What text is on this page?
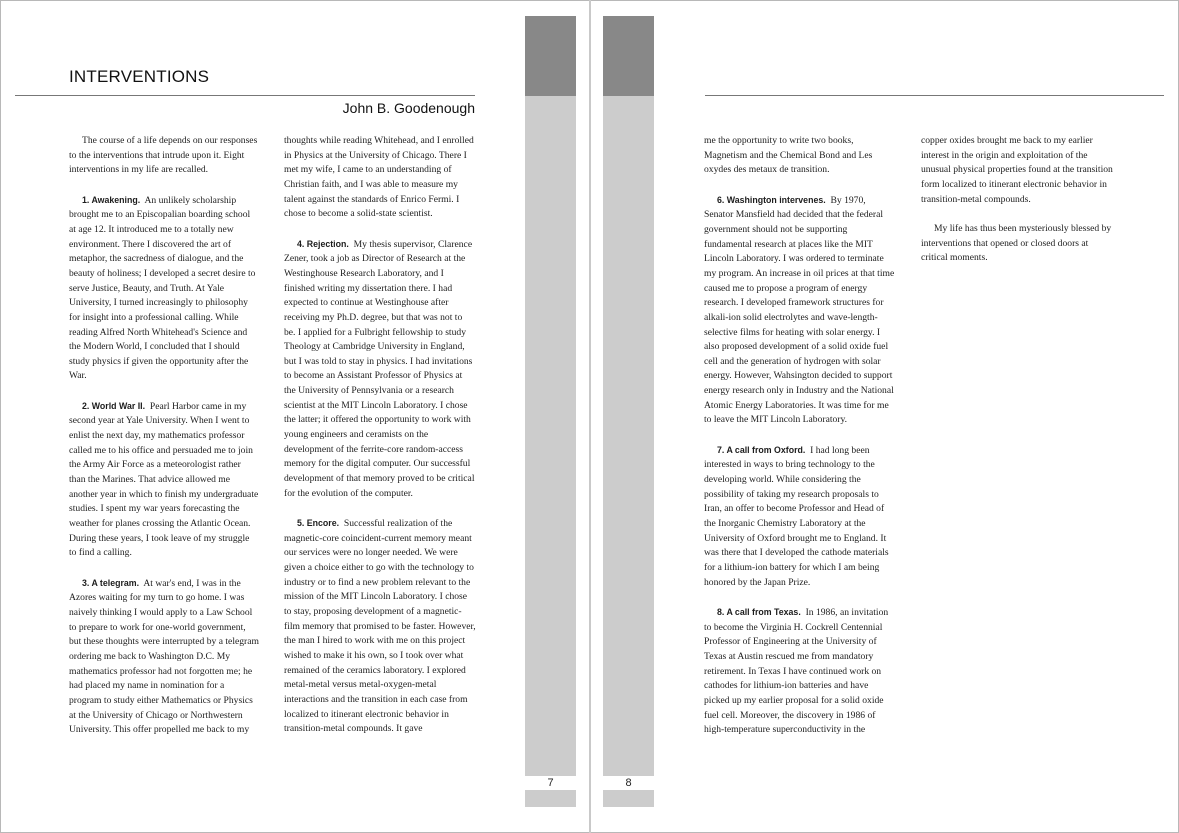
7	8
INTERVENTIONS
John B. Goodenough

The course of a life depends on our responses to the interventions that intrude upon it. Eight interventions in my life are recalled.

1. Awakening. An unlikely scholarship brought me to an Episcopalian boarding school at age 12. It introduced me to a totally new environment. There I discovered the art of metaphor, the sacredness of dialogue, and the beauty of holiness; I developed a secret desire to serve Justice, Beauty, and Truth. At Yale University, I turned increasingly to philosophy for insight into a professional calling. While reading Alfred North Whitehead's Science and the Modern World, I concluded that I should study physics if given the opportunity after the War.

2. World War II. Pearl Harbor came in my second year at Yale University. When I went to enlist the next day, my mathematics professor called me to his office and persuaded me to join the Army Air Force as a meteorologist rather than the Marines. That advice allowed me another year in which to finish my undergraduate studies. I spent my war years forecasting the weather for planes crossing the Atlantic Ocean. During these years, I took leave of my struggle to find a calling.

3. A telegram. At war's end, I was in the Azores waiting for my turn to go home. I was naively thinking I would apply to a Law School to prepare to work for one-world government, but these thoughts were interrupted by a telegram ordering me back to Washington D.C. My mathematics professor had not forgotten me; he had placed my name in nomination for a program to study either Mathematics or Physics at the University of Chicago or Northwestern University. This offer propelled me back to my

thoughts while reading Whitehead, and I enrolled in Physics at the University of Chicago. There I met my wife, I came to an understanding of Christian faith, and I was able to measure my talent against the standards of Enrico Fermi. I chose to become a solid-state scientist.

4. Rejection. My thesis supervisor, Clarence Zener, took a job as Director of Research at the Westinghouse Research Laboratory, and I finished writing my dissertation there. I had expected to continue at Westinghouse after receiving my Ph.D. degree, but that was not to be. I applied for a Fulbright fellowship to study Theology at Cambridge University in England, but I was told to stay in physics. I had invitations to become an Assistant Professor of Physics at the University of Pennsylvania or a research scientist at the MIT Lincoln Laboratory. I chose the latter; it offered the opportunity to work with young engineers and ceramists on the development of the ferrite-core random-access memory for the digital computer. Our successful development of that memory proved to be critical for the evolution of the computer.

5. Encore. Successful realization of the magnetic-core coincident-current memory meant our services were no longer needed. We were given a choice either to go with the technology to industry or to find a new problem relevant to the mission of the MIT Lincoln Laboratory. I chose to stay, proposing development of a magnetic-film memory that promised to be faster. However, the man I hired to work with me on this project wished to make it his own, so I took over what remained of the ceramics laboratory. I explored metal-metal versus metal-oxygen-metal interactions and the transition in each case from localized to itinerant electronic behavior in transition-metal compounds. It gave

me the opportunity to write two books, Magnetism and the Chemical Bond and Les oxydes des metaux de transition.

6. Washington intervenes. By 1970, Senator Mansfield had decided that the federal government should not be supporting fundamental research at places like the MIT Lincoln Laboratory. I was ordered to terminate my program. An increase in oil prices at that time caused me to propose a program of energy research. I developed framework structures for alkali-ion solid electrolytes and wave-length-selective films for heating with solar energy. I also proposed development of a solid oxide fuel cell and the generation of hydrogen with solar energy. However, Wahsington decided to support energy research only in Industry and the National Atomic Energy Laboratories. It was time for me to leave the MIT Lincoln Laboratory.

7. A call from Oxford. I had long been interested in ways to bring technology to the developing world. While considering the possibility of taking my research proposals to Iran, an offer to become Professor and Head of the Inorganic Chemistry Laboratory at the University of Oxford brought me to England. It was there that I developed the cathode materials for a lithium-ion battery for which I am being honored by the Japan Prize.

8. A call from Texas. In 1986, an invitation to become the Virginia H. Cockrell Centennial Professor of Engineering at the University of Texas at Austin rescued me from mandatory retirement. In Texas I have continued work on cathodes for lithium-ion batteries and have picked up my earlier proposal for a solid oxide fuel cell. Moreover, the discovery in 1986 of high-temperature superconductivity in the

copper oxides brought me back to my earlier interest in the origin and exploitation of the unusual physical properties found at the transition form localized to itinerant electronic behavior in transition-metal compounds.

My life has thus been mysteriously blessed by interventions that opened or closed doors at critical moments.
